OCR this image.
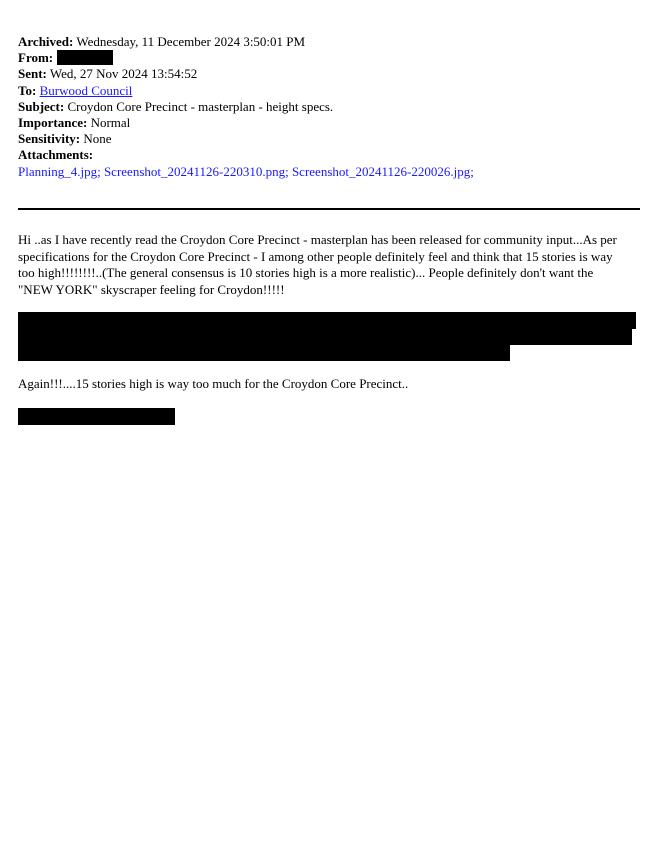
Archived: Wednesday, 11 December 2024 3:50:01 PM
From:
Sent: Wed, 27 Nov 2024 13:54:52
To: Burwood Council
Subject: Croydon Core Precinct - masterplan - height specs.
Importance: Normal
Sensitivity: None
Attachments:
Planning_4.jpg; Screenshot_20241126-220310.png; Screenshot_20241126-220026.jpg;
Hi ..as I have recently read the Croydon Core Precinct - masterplan has been released for community input...As per specifications for the Croydon Core Precinct - I among other people definitely feel and think that 15 stories is way too high!!!!!!!!..(The general consensus is 10 stories high is a more realistic)... People definitely don't want the "NEW YORK" skyscraper feeling for Croydon!!!!!
Again!!!....15 stories high is way too much for the Croydon Core Precinct..
